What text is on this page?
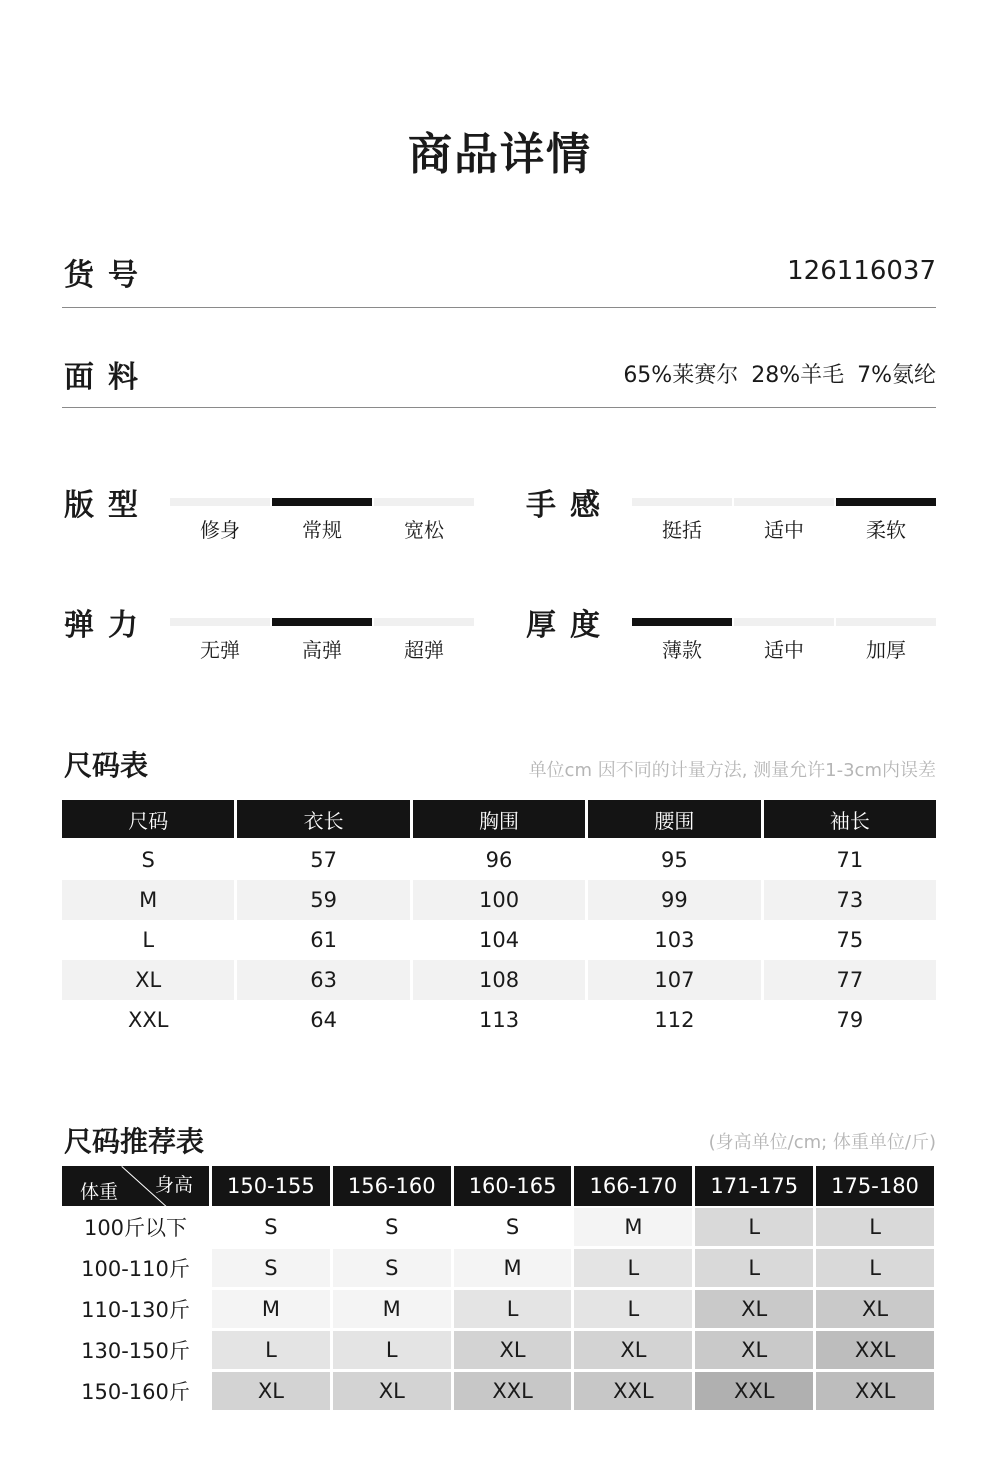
商品详情
货号	126116037
面料	65%莱赛尔 28%羊毛 7%氨纶
版型
修身	常规	宽松
手感
挺括	适中	柔软
弹力
无弹	高弹	超弹
厚度
薄款	适中	加厚
尺码表	单位cm 因不同的计量方法, 测量允许1-3cm内误差
尺码	衣长	胸围	腰围	袖长
S	57	96	95	71
M	59	100	99	73
L	61	104	103	75
XL	63	108	107	77
XXL	64	113	112	79
尺码推荐表	(身高单位/cm; 体重单位/斤)
身高
体重	150-155	156-160	160-165	166-170	171-175	175-180
100斤以下	S	S	S	M	L	L
100-110斤	S	S	M	L	L	L
110-130斤	M	M	L	L	XL	XL
130-150斤	L	L	XL	XL	XL	XXL
150-160斤	XL	XL	XXL	XXL	XXL	XXL
